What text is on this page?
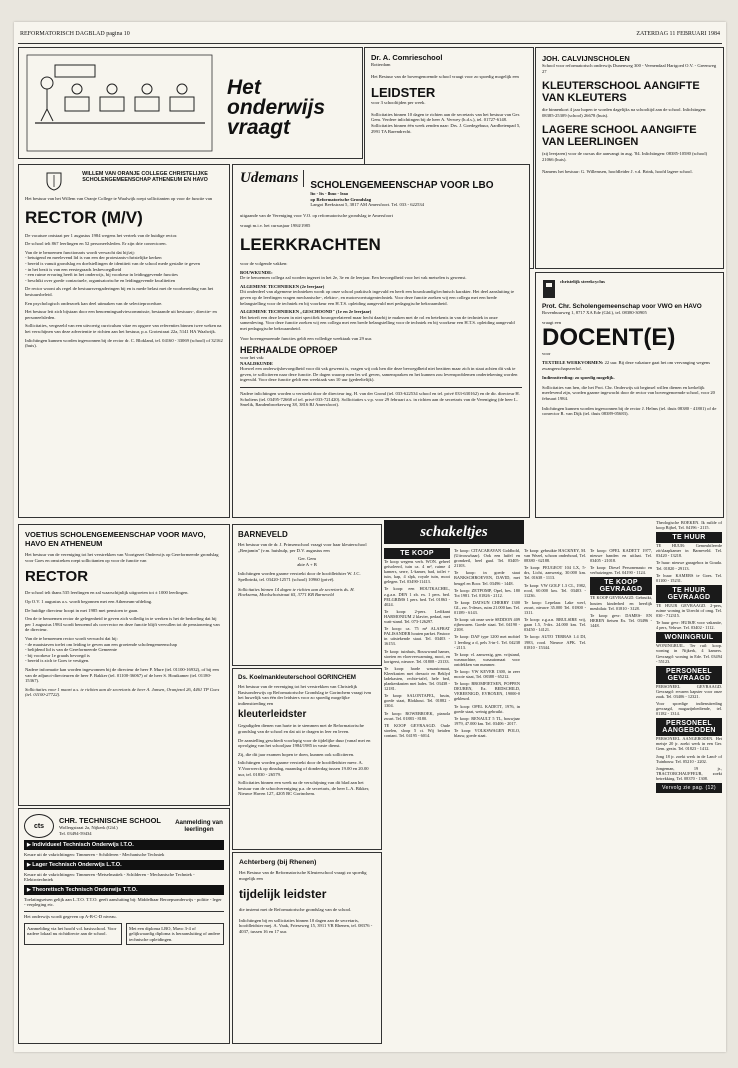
REFORMATORISCH DAGBLAD pagina 10	ZATERDAG 11 FEBRUARI 1984
Het
onderwijs
vraagt
Dr. A. Comrieschool
Rotterdam
Het Bestuur van de bovengenoemde school vraagt voor zo spoedig mogelijk een
LEIDSTER
voor 3 schooltijden per week.
Sollicitaties binnen 10 dagen te richten aan de secretaris van het bestuur van Ger. Gem. Verdere inlichtingen bij de heer A. Verwey (h.d.s.), tel. 01727-6148. Sollicitaties binnen één week zenden naar: Drs. J. Goedegebuur, Aardbeienpad 5, 2991 TA Barendrecht.
JOH. CALVIJNSCHOLEN
School voor reformatorisch onderwijs Dunenweg 300 - Veenendaal Hartgoed O.V. - Greenweg 27
KLEUTERSCHOOL AANGIFTE VAN KLEUTERS
die binnenkort 4 jaar hopen te worden dagelijks na schooltijd aan de school. Inlichtingen: 08385-25309 (school) 26678 (huis).
LAGERE SCHOOL AANGIFTE VAN LEERLINGEN
(zij leerjaren) voor de cursus die aanvangt in aug. '84. Inlichtingen: 08385-10580 (school) 21066 (huis).
Namens het bestuur: G. Willemsen, hoofdleider J. v.d. Brink, hoofd lagere school.
WILLEM VAN ORANJE COLLEGE CHRISTELIJKE SCHOLENGEMEENSCHAP ATHENEUM EN HAVO
Het bestuur van het Willem van Oranje College te Waalwijk roept sollicitanten op voor de functie van
RECTOR (M/V)

De vacature ontstaat per 1 augustus 1984 wegens het vertrek van de huidige rector.

De school telt 867 leerlingen en 52 personeelsleden. Er zijn drie conrectoren.

Van de te benoemen functionaris wordt verwacht dat hij/zij:

- betuigend en meelevend lid is van een der protestants-christelijke kerken

- bereid is vanuit grondslag en doelstellingen de identiteit van de school mede gestalte te geven

- in het bezit is van een eerstegraads lesbevoegdheid

- een ruime ervaring heeft in het onderwijs, bij voorkeur in leidinggevende functies

- beschikt over goede contactuele, organisatorische en leidinggevende kwaliteiten

De rector woont als regel de bestuursvergaderingen bij en is mede belast met de voorbereiding van het bestuursbeleid.

Een psychologisch onderzoek kan deel uitmaken van de selectieprocedure.

Het bestuur lett zich bijstaan door een benoemingsadviescommissie, bestaande uit bestuurs-, directie- en personeelsleden.

Sollicitaties, vergezeld van een uitvoerig curriculum vitae en opgave van referenties binnen twee weken na het verschijnen van deze advertentie te richten aan het bestuur, p.a. Grotestraat 22a, 5141 HA Waalwijk.

Inlichtingen kunnen worden ingewonnen bij de rector dr. C. Blokland, tel. 04160 - 33069 (school) of 32162 (huis).

Udemans	SCHOLENGEMEENSCHAP VOOR LBO
lto - lts - lhno - leao
op Reformatorische Grondslag
Langoi Beekstraat 5, 3817 AM Amersfoort. Tel. 033 - 622534
uitgaande van de Vereniging voor V.O. op reformatorische grondslag te Amersfoort
vraagt m.i.v. het cursusjaar 1984/1985
LEERKRACHTEN
voor de volgende vakken:
BOUWKUNDE:
De te benoemen collega zal worden ingezet in het 2e, 3e en 4e leerjaar. Een bevoegdheid voor het vak metselen is gewenst.
ALGEMENE TECHNIEKEN (2e leerjaar)
Dit onderdeel van algemene technieken wordt op onze school praktisch ingevuld en heeft een bouwkundig/technisch karakter. Het deel aansluiting te geven op de leerlingen vragen mechanische-, elektro-, en motorvoertuigentechniek. Voor deze functie zoeken wij een collega met een brede belangstelling voor de techniek en bij voorkeur een H.T.S. opleiding aangevuld met pedagogische bekwaamheid.
ALGEMENE TECHNIEKEN „GESCHOOND" (1e en 2e leerjaar)
Het betreft een deze lessen in niet specifiek bouwgerelateerd maar hecht daarbij te maken met de rol en betekenis in van de techniek in onze samenleving. Voor deze functie zoeken wij een collega met een brede belangstelling voor de techniek en bij voorkeur een H.T.S. opleiding aangevuld met pedagogische bekwaamheid.
Voor bovengenoemde functies geldt een volledige weektaak van 29 uur.
HERHAALDE OPROEP
voor het vak:
NAALDKUNDE
Hoewel een onderwijsbevoegdheid voor dit vak gewenst is, vragen wij ook hen die deze bevoegdheid niet bezitten maar zich in staat achten dit vak te geven, te solliciteren naar deze functie. De dagen waarop men les wil geven, samenspraken en het kunnen zou levensproblemen ondertekening worden ingevuld. Voor deze functie geldt een weektaak van 10 uur (gedeeltelijk).
Nadere inlichtingen worden u verstrekt door de directeur ing. H. van der Grond (tel. 033-622534 school en tel. privé 033-630162) en de dir. directeur H. Scholtens (tel. 03495-72668 of tel. privé 033-721420). Sollicitaties s.v.p. voor 29 februari a.s. in richten aan de secretaris van de Vereniging (de heer L. Smelik, Randenbroekerweg 38, 3816 BJ Amersfoort).
christelijk streekcyclus
Prot. Chr. Scholengemeenschap voor VWO en HAVO
Bovenbuurweg 1, 8717 XA Ede (Gld.), tel. 08380-30905
vraagt een
DOCENT(E)
voor
TEXTIELE WERKVORMEN: 22 uur. Bij deze vakature gaat het om vervanging wegens zwangerschapsverlof.
Indiensttreding: zo spoedig mogelijk.
Sollicitaties van hen, die het Prot. Chr. Onderwijs uit beginsel willen dienen en kerkelijk meelevend zijn, worden gaarne ingewacht door de rector van bovengenoemde school, voor 20 februari 1984.
Inlichtingen kunnen worden ingewonnen bij de rector J. Helms (tel. thuis 08380 - 41801) of de conrector R. van Dijk (tel. thuis 08389-05683).
VOETIUS SCHOLENGEMEENSCHAP VOOR MAVO, HAVO EN ATHENEUM
Het bestuur van de vereniging tot het verstrekken van Voortgezet Onderwijs op Gereformeerde grondslag voor Goes en omstreken roept sollicitanten op voor de functie van
RECTOR

De school telt thans 535 leerlingen en zal waarschijnlijk uitgroeien tot ± 1000 leerlingen.

Op O.V. 1 augustus a.s. wordt begonnen met een Atheneum-afdeling.

De huidige directeur hoopt in mei 1985 met pensioen te gaan.

Om de te benoemen rector de gelegenheid te geven zich volledig in te werken is het de bedoeling dat hij per 1 augustus 1984 wordt benoemd als con-rector en deze functie blijft vervullen tot de pensionering van de directeur.

Van de te benoemen rector wordt verwacht dat hij:

- de maatstaven toelet om leiding te geven aan een groeiende scholengemeenschap

- belijdend lid is van de Gereformeerde Gemeente

- bij voorkeur 1e graads bevoegd is

- bereid is zich te Goes te vestigen.

Nadere informatie kan worden ingewonnen bij de directeur de heer P. Mure (tel. 01100-16932), of bij een van de adjunct-directeuren de heer P. Bakker (tel. 01100-36067) of de heer S. Houtkamer (tel. 01180-15367).

Sollicitaties voor 1 maart a.s. te richten aan de secretaris de heer A. Jansen, Oranjezol 26, 4461 TP Goes (tel. 01100-27722).

BARNEVELD
Het bestuur van de dr. J. Prinsenschool vraagt voor haar kleuterschool „Benjamin" (v.m. huishulp, per D.V. augustus een
Ger. Gem
akte A + B
Inlichtingen worden gaarne verstrekt door de hoofdleidster W. J.C. Spelbrinkt, tel. 03420-12571 (school) 10960 (privé).
Sollicitaties binnen 14 dagen te richten aan de secretaris ds. H. Hoeksema, Moolschotstraat 65, 3771 KB Barneveld
Ds. Koelmankleuterschool GORINCHEM
Het bestuur van de vereniging tot het verstrekken van Christelijk Basisonderwijs op Reformatorische Grondslag te Gorinchem vraagt ivm het huwelijk van één der leidsters voor zo spoedig mogelijke indiensttreding een
kleuterleidster

Gegadigden dienen van harte in te stemmen met de Reformatorische grondslag van de school en dat uit te dragen in leer en leven.

De aanstelling geschiedt voorlopig voor de tijdelijke duur (vanaf mei en opvolging van het schooljaar 1984/1985 in vaste dienst.

Zij, die dit jaar examen hopen te doen, kunnen ook solliciteren.

Inlichtingen worden gaarne verstrekt door de hoofdleidster mevr. A. Y.Voorwerck op dinsdag, maandag of donderdag tussen 19.00 en 20.00 uur, tel. 01830 - 26579.

Sollicitaties binnen een week na de verschijning van dit blad aan het bestuur van de schoolvereniging p.a. de secretaris, de heer L.A. Bikker, Nieuwe Haven 127, 4205 BC Gorinchem.

Achterberg (bij Rhenen)
Het Bestuur van de Reformatorische Kleuterschool vraagt zo spoedig mogelijk een
tijdelijk leidster
die instemt met de Reformatorische grondslag van de school.
Inlichtingen bij en sollicitaties binnen 10 dagen aan de secretaris, hoofdleidster mej. A. Vaak, Frieseweg 15, 3911 VR Rhenen, tel. 08376 - 4037, tussen 16 en 17 uur.
cts
CHR. TECHNISCHE SCHOOL
Wollergstraat 2a, Nijkerk (Gld.)
Tel. 03494-59434
Aanmelding van leerlingen
▶ Individueel Technisch Onderwijs I.T.O.
Keuze uit de vakrichtingen: Timmeren - Schilderen - Mechanische Techniek
▶ Lager Technisch Onderwijs L.T.O.
Keuze uit de vakrichtingen: Timmeren -Metselmatiek - Schilderen - Mechanische Techniek - Elektrotechniek
▶ Theoretisch Technisch Onderwijs T.T.O.
Toelatingseisen gelijk aan L.T.O. T.T.O. geeft aansluiting bij: Middelbaar Beroepsonderwijs - politie - leger - verpleging etc.
Het onderwijs wordt gegeven op A-B-C-D niveau.
Aanmelding via het hoofd v.d. basisschool. Voor nadere lokaal nu richtdirecte aan de school.
Met een diploma LBO, Mavo 3-4 of gelijkwaardig diploma is heraansluiting of andere technische opleidingen.
schakeltjes
TE KOOP
Te koop wegens verh. WON. geheel geïsoleerd, tuin ca. 4 m², ruime 4 kamers, serre, L-kamer, bad, toilet + tuin, kap, 4 slpk, royale tuin, mooi gelegen. Tel. 03490-11413.
Te koop: een HOUTKACHEL, z.g.a.n. DEN 1 zb. ex. 1 pers. bed. PELGRIMS 1 pers. bed. Tel. 01863 - 4024.
Te koop: 2-pers. Ledikant HARMONIUM 2 klavier, pedaal, met watt-stand. Tel. 073-126297.
Te koop: ca. 75 m² ALAFRAT PALISANDER houten parket. Pastoor in uitstekende staat. Tel. 03403 - 16153.
Te koop: tuinhuis, Bouwwand hamer, stoeien en vloerverwarming, mooi, en kortgerst, nieuwe. Tel. 01808 - 23133.
Te koop: harde wasautomaat, Kleerkasten met dressoir en Beklyd ladekasten, rechte-tafel, hele bed, plankenkasten met lades. Tel. 03438 - 12181.
Te koop: SALONTAFEL, bruin, goede staat, Blokhout. Tel. 01882 - 1304.
Te koop: ROWEBROEK, pianola zwart. Tel. 01883 - 8180.
TE KOOP GEVRAAGD. Oude stoelen, sloop 5 ct. Wij betalen contant. Tel. 04195 - 6014.
Te koop: CITACARAVAN Goldbold, (Uitvouwbaar). Ook een luifel en grondzeil, heel gaaf. Tel. 03405-21103.
Te koop: in goede staat BANKSCHROEVEN, DAVID, met beugel en Boor. Tel. 03496 - 1448.
Te koop: ZETPOMP, Opel, bes. 180 Tot 1981. Tel. 01826 - 2112.
Te koop: DATSUN CHERRY 1300 GL, zw. 5-deurs, ruim 21.000 km. Tel. 01189 - 6143.
Te koop: uit onze serie SEDDON 409 rijbewaren. Goede staat. Tel. 04190 - 2108.
Te koop: DAF type 1200 met mobiel 1 leerling a d, pels 3-in-1. Tel. 04238 - 2113.
Te koop: vl. aanwezig, gen. vrijstand, wasmachine, wasautomaat voor ontdekken van nummer.
Te koop: VW KEVER 1300, in zeer mooie staat, Tel. 08388 - 65212.
Te koop: BROMFIETSEN, POPPEN DEUREN, Ex. BEDSCHILD, VEREENIGD, EVBOXEN, 19000-0 gekleurd.
Te koop: OPEL KADETT, 1976, in goede staat, weinig gebruikt.
Te koop: RENAULT 5 TL, bouwjaar 1979, 47.000 km. Tel. 03406 - 2017.
Te koop: VOLKSWAGEN POLO, blauw, goede staat.
Te koop: gebruikte HACKNEY, M. van Wezel, schoon onderhoud, Tel. 08380 - 62188.
Te koop: PEUGEOT 104 LX, 5-drs, Licht, aanwezig, 30.000 km. Tel. 01638 - 1113.
Te koop: VW GOLF 1.3 CL, 1982, rood, 60.000 km. Tel. 03403 - 11236.
Te koop: Lepelaar. Lake werf, zwart, nieuwe 35.000 Tel. 01800 - 1311.
Te koop: z.g.a.n. BRULSIRE vrij, gaan 1.5, 5-drs. 24.000 km. Tel. 03450 - 14121.
Te koop: AUTO TERRAS 1.4 DI, 1983, rood. Nieuwe APK. Tel. 01810 - 15344.
Te koop: OPEL KADETT 1977, nieuwe banden en uitlaat. Tel. 03405 - 21018.
Te koop: Diesel Personenauto en verhuizingen. Tel. 04190 - 1124.
TE KOOP GEVRAAGD
TE KOOP GEVRAAGD. Gebruikt, houten kinderbed en heerlijk meubilair. Tel. 01810 - 3128.
Te koop gevr: DAMES- EN HEREN fietsen Ex. Tel. 03496 - 1448.
Theologische BOEKEN. Ik ruilde of koop Bijbel, Tel. 04196 - 2115.
TE HUUR
TE HUUR: Gemeubileerde zit/slaapkamer in Barneveld. Tel. 03420 - 13218.
Te huur: nieuwe garagebox in Gouda. Tel. 01820 - 29113.
Te huur: KAMERS te Goes. Tel. 01100 - 15231.
TE HUUR GEVRAAGD
TE HUUR GEVRAAGD. 2-pers, ruime woning in Utrecht of omg. Tel. 030 - 712315.
Te huur gevr: HUISJE voor vakantie, 4 pers, Veluwe. Tel. 03402 - 1112.
WONINGRUIL
WONINGRUIL. Ter ruil: koop. woning in Nijkerk, 4 kamers. Gevraagd: woning in Ede. Tel. 03494 - 55123.
PERSONEEL GEVRAAGD
PERSONEEL GEVRAAGD. Gevraagd: ervaren kapster voor onze zaak. Tel. 03406 - 12321.
Voor spoedige indiensttreding gevraagd, magazijnbediende, tel. 01182 - 1314.
PERSONEEL AANGEBODEN
PERSONEEL AANGEBODEN. Het meisje 20 jr. zoekt werk in een Ger. Gem. gezin. Tel. 01823 - 1412.
Jong 18 jr. zoekt werk in de Land- of Tuinbouw. Tel. 05210 - 2202.
Jongeman, 19 jr., TRACTORCHAUFFEUR, zoekt betrekking. Tel. 08370 - 1308.
Vervolg zie pag. (12)
